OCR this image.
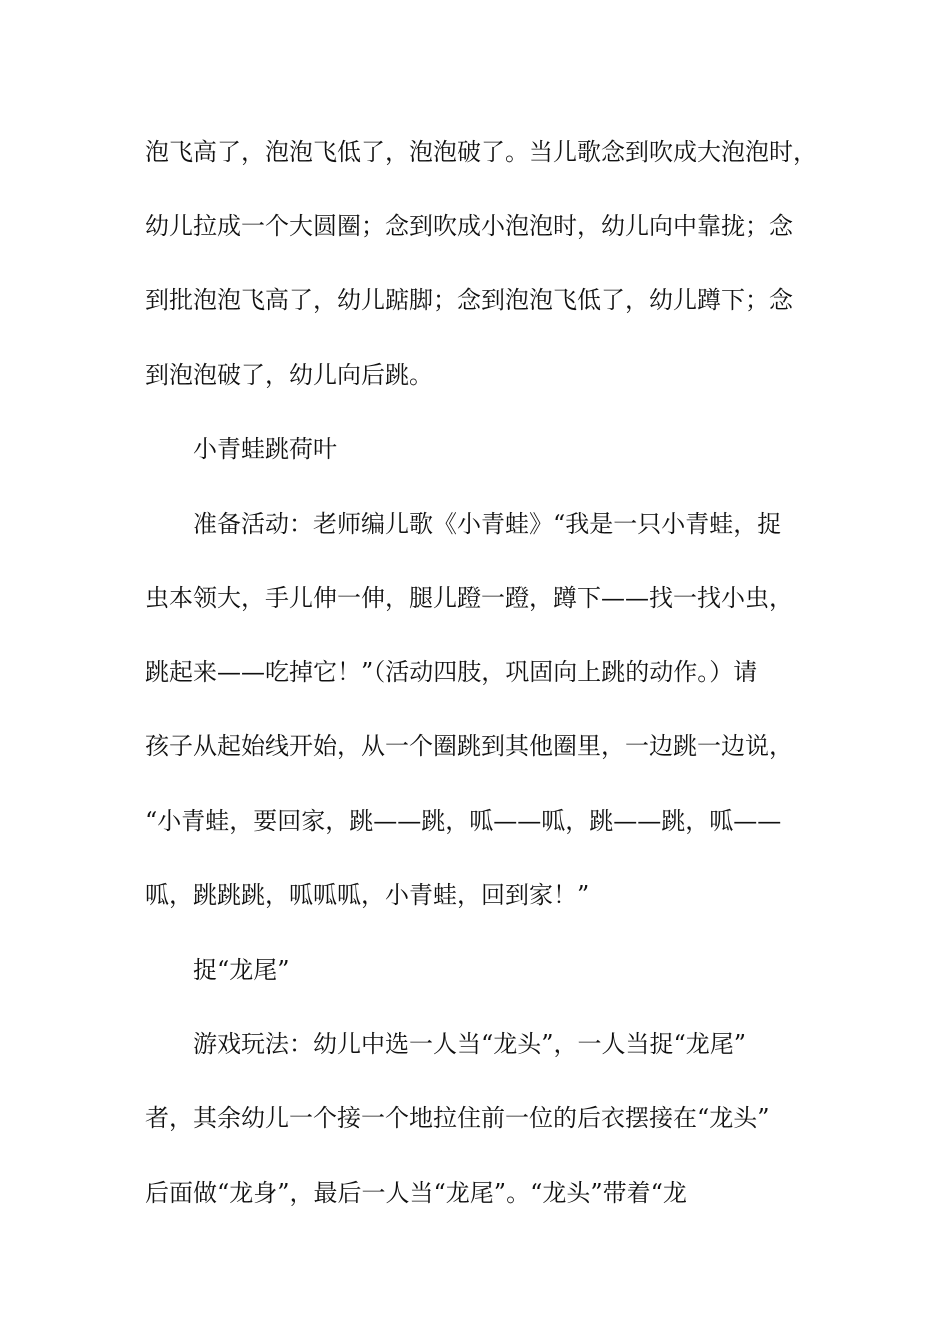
泡飞高了，泡泡飞低了，泡泡破了。当儿歌念到吹成大泡泡时，
幼儿拉成一个大圆圈；念到吹成小泡泡时，幼儿向中靠拢；念
到批泡泡飞高了，幼儿踮脚；念到泡泡飞低了，幼儿蹲下；念
到泡泡破了，幼儿向后跳。
小青蛙跳荷叶
准备活动：老师编儿歌《小青蛙》“我是一只小青蛙，捉
虫本领大，手儿伸一伸，腿儿蹬一蹬，蹲下——找一找小虫，
跳起来——吃掉它！”（活动四肢，巩固向上跳的动作。）请
孩子从起始线开始，从一个圈跳到其他圈里，一边跳一边说，
“小青蛙，要回家，跳——跳，呱——呱，跳——跳，呱——
呱，跳跳跳，呱呱呱，小青蛙，回到家！”
捉“龙尾”
游戏玩法：幼儿中选一人当“龙头”，一人当捉“龙尾”
者，其余幼儿一个接一个地拉住前一位的后衣摆接在“龙头”
后面做“龙身”，最后一人当“龙尾”。“龙头”带着“龙
